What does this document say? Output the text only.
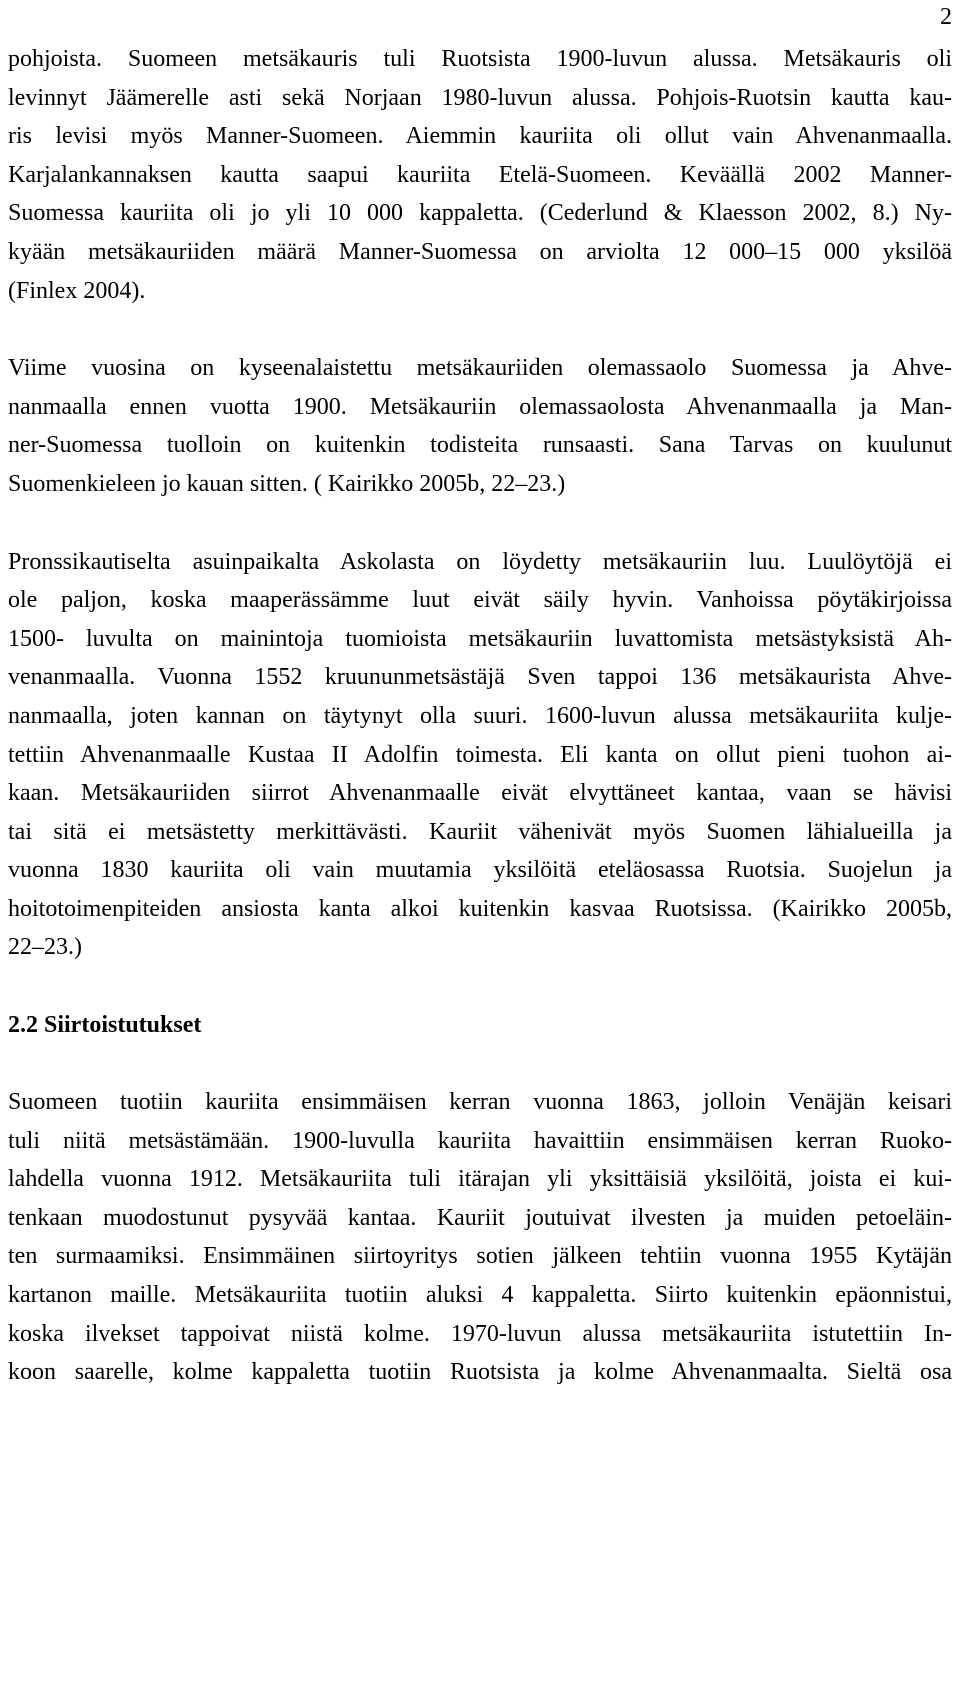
2
pohjoista. Suomeen metsäkauris tuli Ruotsista 1900-luvun alussa. Metsäkauris oli
levinnyt Jäämerelle asti sekä Norjaan 1980-luvun alussa. Pohjois-Ruotsin kautta kau-
ris levisi myös Manner-Suomeen. Aiemmin kauriita oli ollut vain Ahvenanmaalla.
Karjalankannaksen kautta saapui kauriita Etelä-Suomeen. Keväällä 2002 Manner-
Suomessa kauriita oli jo yli 10 000 kappaletta. (Cederlund & Klaesson 2002, 8.) Ny-
kyään metsäkauriiden määrä Manner-Suomessa on arviolta 12 000–15 000 yksilöä
(Finlex 2004).
Viime vuosina on kyseenalaistettu metsäkauriiden olemassaolo Suomessa ja Ahve-
nanmaalla ennen vuotta 1900. Metsäkauriin olemassaolosta Ahvenanmaalla ja Man-
ner-Suomessa tuolloin on kuitenkin todisteita runsaasti. Sana Tarvas on kuulunut
Suomenkieleen jo kauan sitten. ( Kairikko 2005b, 22–23.)
Pronssikautiselta asuinpaikalta Askolasta on löydetty metsäkauriin luu. Luulöytöjä ei
ole paljon, koska maaperässämme luut eivät säily hyvin. Vanhoissa pöytäkirjoissa
1500- luvulta on mainintoja tuomioista metsäkauriin luvattomista metsästyksistä Ah-
venanmaalla. Vuonna 1552 kruununmetsästäjä Sven tappoi 136 metsäkaurista Ahve-
nanmaalla, joten kannan on täytynyt olla suuri. 1600-luvun alussa metsäkauriita kulje-
tettiin Ahvenanmaalle Kustaa II Adolfin toimesta. Eli kanta on ollut pieni tuohon ai-
kaan. Metsäkauriiden siirrot Ahvenanmaalle eivät elvyttäneet kantaa, vaan se hävisi
tai sitä ei metsästetty merkittävästi. Kauriit vähenivät myös Suomen lähialueilla ja
vuonna 1830 kauriita oli vain muutamia yksilöitä eteläosassa Ruotsia. Suojelun ja
hoitotoimenpiteiden ansiosta kanta alkoi kuitenkin kasvaa Ruotsissa. (Kairikko 2005b,
22–23.)
2.2 Siirtoistutukset
Suomeen tuotiin kauriita ensimmäisen kerran vuonna 1863, jolloin Venäjän keisari
tuli niitä metsästämään. 1900-luvulla kauriita havaittiin ensimmäisen kerran Ruoko-
lahdella vuonna 1912. Metsäkauriita tuli itärajan yli yksittäisiä yksilöitä, joista ei kui-
tenkaan muodostunut pysyvää kantaa. Kauriit joutuivat ilvesten ja muiden petoeläin-
ten surmaamiksi. Ensimmäinen siirtoyritys sotien jälkeen tehtiin vuonna 1955 Kytäjän
kartanon maille. Metsäkauriita tuotiin aluksi 4 kappaletta. Siirto kuitenkin epäonnistui,
koska ilvekset tappoivat niistä kolme. 1970-luvun alussa metsäkauriita istutettiin In-
koon saarelle, kolme kappaletta tuotiin Ruotsista ja kolme Ahvenanmaalta. Sieltä osa
